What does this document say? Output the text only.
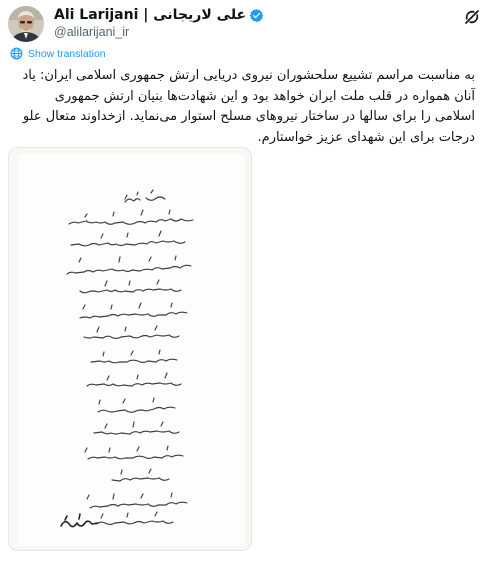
Ali Larijani | علی لاریجانی
@alilarijani_ir
Show translation
به مناسبت مراسم تشییع سلحشوران نیروی دریایی ارتش جمهوری اسلامی ایران: یاد
آنان همواره در قلب ملت ایران خواهد بود و این شهادت‌ها بنیان ارتش جمهوری
اسلامی را برای سالها در ساختار نیروهای مسلح استوار می‌نماید. ازخداوند متعال علو
درجات برای این شهدای عزیز خواستارم.
